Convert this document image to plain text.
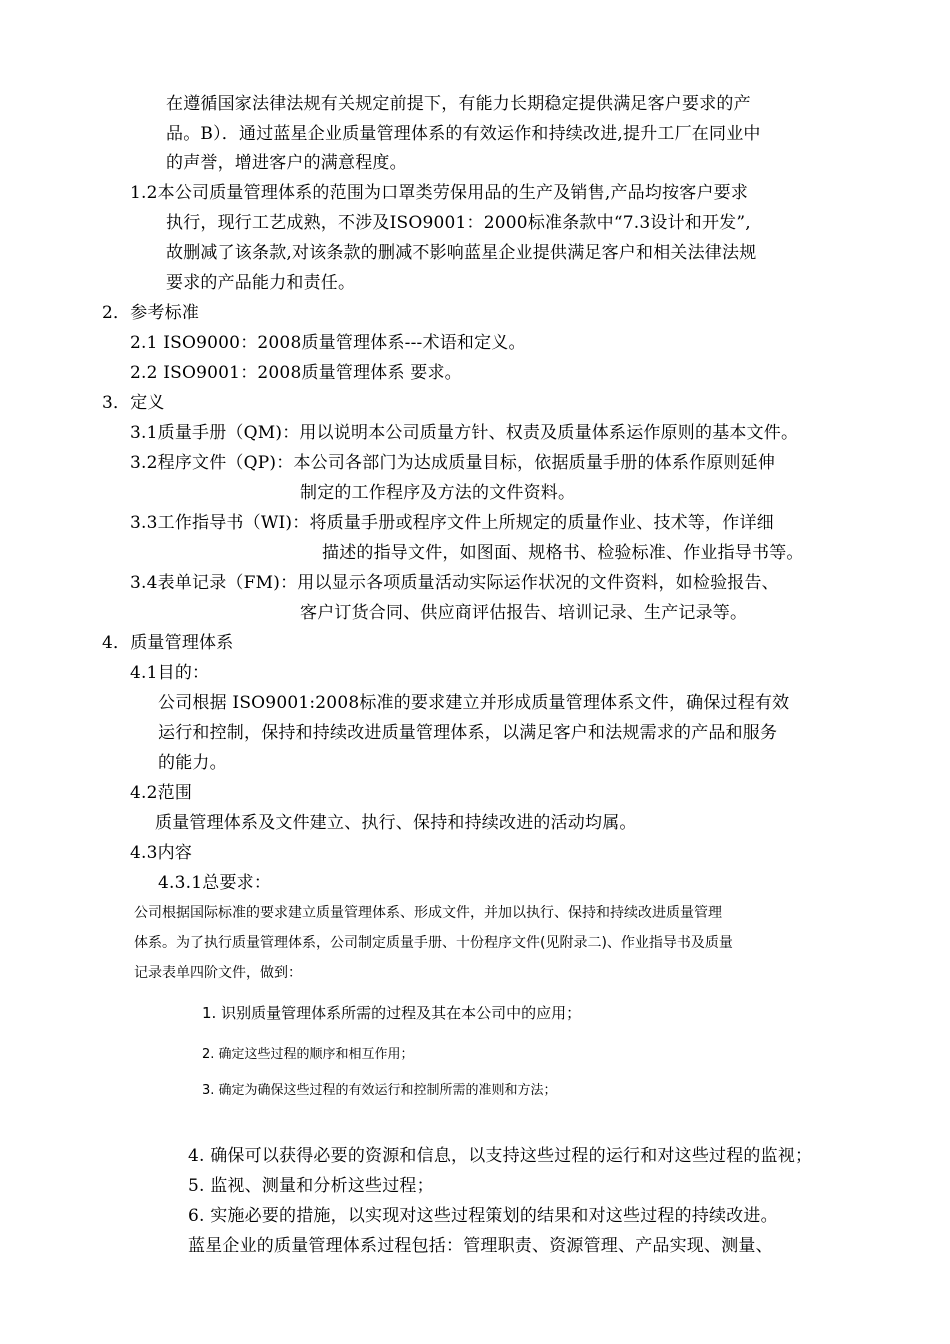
在遵循国家法律法规有关规定前提下，有能力长期稳定提供满足客户要求的产
品。B）．通过蓝星企业质量管理体系的有效运作和持续改进,提升工厂在同业中
的声誉，增进客户的满意程度。
1.2本公司质量管理体系的范围为口罩类劳保用品的生产及销售,产品均按客户要求
执行，现行工艺成熟，不涉及ISO9001：2000标准条款中“7.3设计和开发”,
故删减了该条款,对该条款的删减不影响蓝星企业提供满足客户和相关法律法规
要求的产品能力和责任。
2．参考标准
2.1 ISO9000：2008质量管理体系---术语和定义。
2.2 ISO9001：2008质量管理体系 要求。
3．定义
3.1质量手册（QM)：用以说明本公司质量方针、权责及质量体系运作原则的基本文件。
3.2程序文件（QP)：本公司各部门为达成质量目标，依据质量手册的体系作原则延伸
制定的工作程序及方法的文件资料。
3.3工作指导书（WI)：将质量手册或程序文件上所规定的质量作业、技术等，作详细
描述的指导文件，如图面、规格书、检验标准、作业指导书等。
3.4表单记录（FM)：用以显示各项质量活动实际运作状况的文件资料，如检验报告、
客户订货合同、供应商评估报告、培训记录、生产记录等。
4．质量管理体系
4.1目的：
公司根据 ISO9001:2008标准的要求建立并形成质量管理体系文件，确保过程有效
运行和控制，保持和持续改进质量管理体系，以满足客户和法规需求的产品和服务
的能力。
4.2范围
质量管理体系及文件建立、执行、保持和持续改进的活动均属。
4.3内容
4.3.1总要求：
公司根据国际标准的要求建立质量管理体系、形成文件，并加以执行、保持和持续改进质量管理
体系。为了执行质量管理体系，公司制定质量手册、十份程序文件(见附录二)、作业指导书及质量
记录表单四阶文件，做到：
1. 识别质量管理体系所需的过程及其在本公司中的应用；
2. 确定这些过程的顺序和相互作用；
3. 确定为确保这些过程的有效运行和控制所需的准则和方法；
4. 确保可以获得必要的资源和信息，以支持这些过程的运行和对这些过程的监视；
5. 监视、测量和分析这些过程；
6. 实施必要的措施，以实现对这些过程策划的结果和对这些过程的持续改进。
蓝星企业的质量管理体系过程包括：管理职责、资源管理、产品实现、测量、
